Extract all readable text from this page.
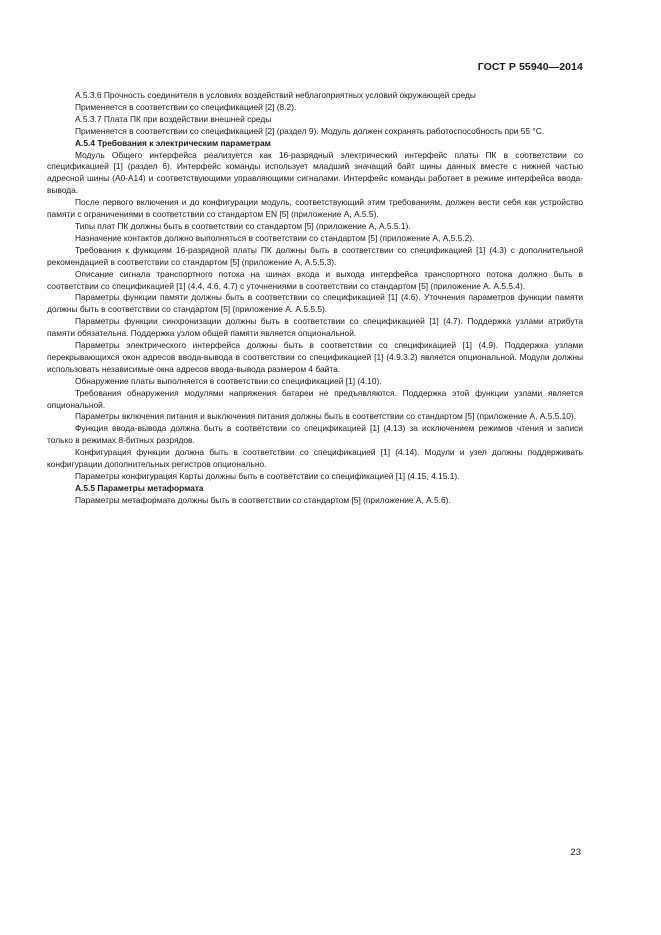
ГОСТ Р 55940—2014

А.5.3.6 Прочность соединителя в условиях воздействий неблагоприятных условий окружающей среды

Применяется в соответствии со спецификацией [2] (8.2).

А.5.3.7 Плата ПК при воздействии внешней среды

Применяется в соответствии со спецификацией [2] (раздел 9). Модуль должен сохранять работоспособность при 55 °С.

А.5.4 Требования к электрическим параметрам

Модуль Общего интерфейса реализуется как 16-разрядный электрический интерфейс платы ПК в соответствии со спецификацией [1] (раздел 6). Интерфейс команды использует младший значащий байт шины данных вместе с нижней частью адресной шины (А0-А14) и соответствующими управляющими сигналами. Интерфейс команды работает в режиме интерфейса ввода-вывода.

После первого включения и до конфигурации модуль, соответствующий этим требованиям, должен вести себя как устройство памяти с ограничениями в соответствии со стандартом EN [5] (приложение А, А.5.5).

Типы плат ПК должны быть в соответствии со стандартом [5] (приложение А, А.5.5.1).

Назначение контактов должно выполняться в соответствии со стандартом [5] (приложение А, А.5.5.2).

Требования к функциям 16-разрядной платы ПК должны быть в соответствии со спецификацией [1] (4.3) с дополнительной рекомендацией в соответствии со стандартом [5] (приложение А, А.5.5.3).

Описание сигнала транспортного потока на шинах входа и выхода интерфейса транспортного потока должно быть в соответствии со спецификацией [1] (4.4, 4.6, 4.7) с уточнениями в соответствии со стандартом [5] (приложение А. А.5.5.4).

Параметры функции памяти должны быть в соответствии со спецификацией [1] (4.6). Уточнения параметров функции памяти должны быть в соответствии со стандартом [5] (приложение А. А.5.5.5).

Параметры функции синхронизации должны быть в соответствии со спецификацией [1] (4.7). Поддержка узлами атрибута памяти обязательна. Поддержка узлом общей памяти является опциональной.

Параметры электрического интерфейса должны быть в соответствии со спецификацией [1] (4.9). Поддержка узлами перекрывающихся окон адресов ввода-вывода в соответствии со спецификацией [1] (4.9.3.2) является опциональной. Модули должны использовать независимые окна адресов ввода-вывода размером 4 байта.

Обнаружение платы выполняется в соответствии со спецификацией [1] (4.10).

Требования обнаружения модулями напряжения батареи не предъявляются. Поддержка этой функции узлами является опциональной.

Параметры включения питания и выключения питания должны быть в соответствии со стандартом [5] (приложение А, А.5.5.10).

Функция ввода-вывода должна быть в соответствии со спецификацией [1] (4.13) за исключением режимов чтения и записи только в режимах 8-битных разрядов.

Конфигурация функции должна быть в соответствии со спецификацией [1] (4.14). Модули и узел должны поддерживать конфигурации дополнительных регистров опционально.

Параметры конфигурация Карты должны быть в соответствии со спецификацией [1] (4.15, 4.15.1).

А.5.5 Параметры метаформата

Параметры метаформата должны быть в соответствии со стандартом [5] (приложение А, А.5.6).

23
